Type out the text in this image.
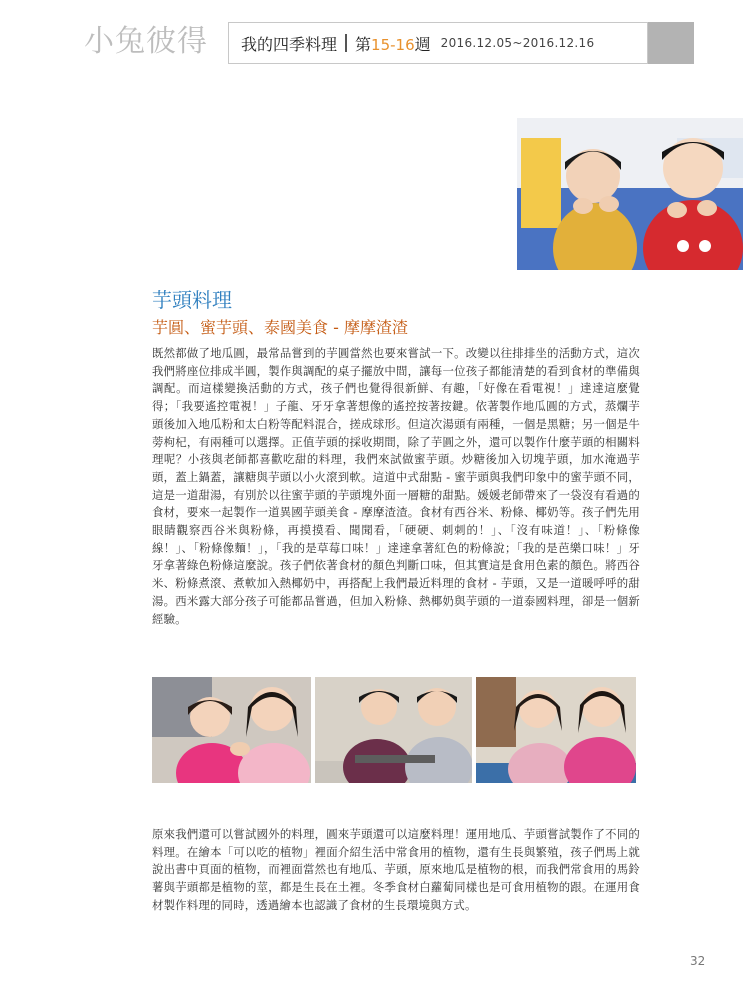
小兔彼得 我的四季料理 第15-16週 2016.12.05~2016.12.16
芋頭料理
芋圓、蜜芋頭、泰國美食 - 摩摩渣渣

既然都做了地瓜圓，最常品嘗到的芋圓當然也要來嘗試一下。改變以往排排坐的活動方式，這次我們將座位排成半圓，製作與調配的桌子擺放中間，讓每一位孩子都能清楚的看到食材的準備與調配。而這樣變換活動的方式，孩子們也覺得很新鮮、有趣，「好像在看電視！」達達這麼覺得；「我要遙控電視！」子龍、牙牙拿著想像的遙控按著按鍵。依著製作地瓜圓的方式，蒸爛芋頭後加入地瓜粉和太白粉等配料混合，搓成球形。但這次湯頭有兩種，一個是黑糖；另一個是牛蒡枸杞，有兩種可以選擇。正值芋頭的採收期間，除了芋圓之外，還可以製作什麼芋頭的相關料理呢？小孩與老師都喜歡吃甜的料理，我們來試做蜜芋頭。炒糖後加入切塊芋頭，加水淹過芋頭，蓋上鍋蓋，讓糖與芋頭以小火滾到軟。這道中式甜點 - 蜜芋頭與我們印象中的蜜芋頭不同，這是一道甜湯，有別於以往蜜芋頭的芋頭塊外面一層糖的甜點。媛媛老師帶來了一袋沒有看過的食材，要來一起製作一道異國芋頭美食 - 摩摩渣渣。食材有西谷米、粉條、椰奶等。孩子們先用眼睛觀察西谷米與粉條，再摸摸看、聞聞看，「硬硬、刺刺的！」、「沒有味道！」、「粉條像線！」、「粉條像麵！」，「我的是草莓口味！」達達拿著紅色的粉條說；「我的是芭樂口味！」牙牙拿著綠色粉條這麼說。孩子們依著食材的顏色判斷口味，但其實這是食用色素的顏色。將西谷米、粉條煮滾、煮軟加入熱椰奶中，再搭配上我們最近料理的食材 - 芋頭，又是一道暖呼呼的甜湯。西米露大部分孩子可能都品嘗過，但加入粉條、熱椰奶與芋頭的一道泰國料理，卻是一個新經驗。

原來我們還可以嘗試國外的料理，圓來芋頭還可以這麼料理！運用地瓜、芋頭嘗試製作了不同的料理。在繪本「可以吃的植物」裡面介紹生活中常食用的植物，還有生長與繁殖，孩子們馬上就說出書中頁面的植物，而裡面當然也有地瓜、芋頭，原來地瓜是植物的根，而我們常食用的馬鈴薯與芋頭都是植物的莖，都是生長在土裡。冬季食材白蘿蔔同樣也是可食用植物的跟。在運用食材製作料理的同時，透過繪本也認識了食材的生長環境與方式。

32
